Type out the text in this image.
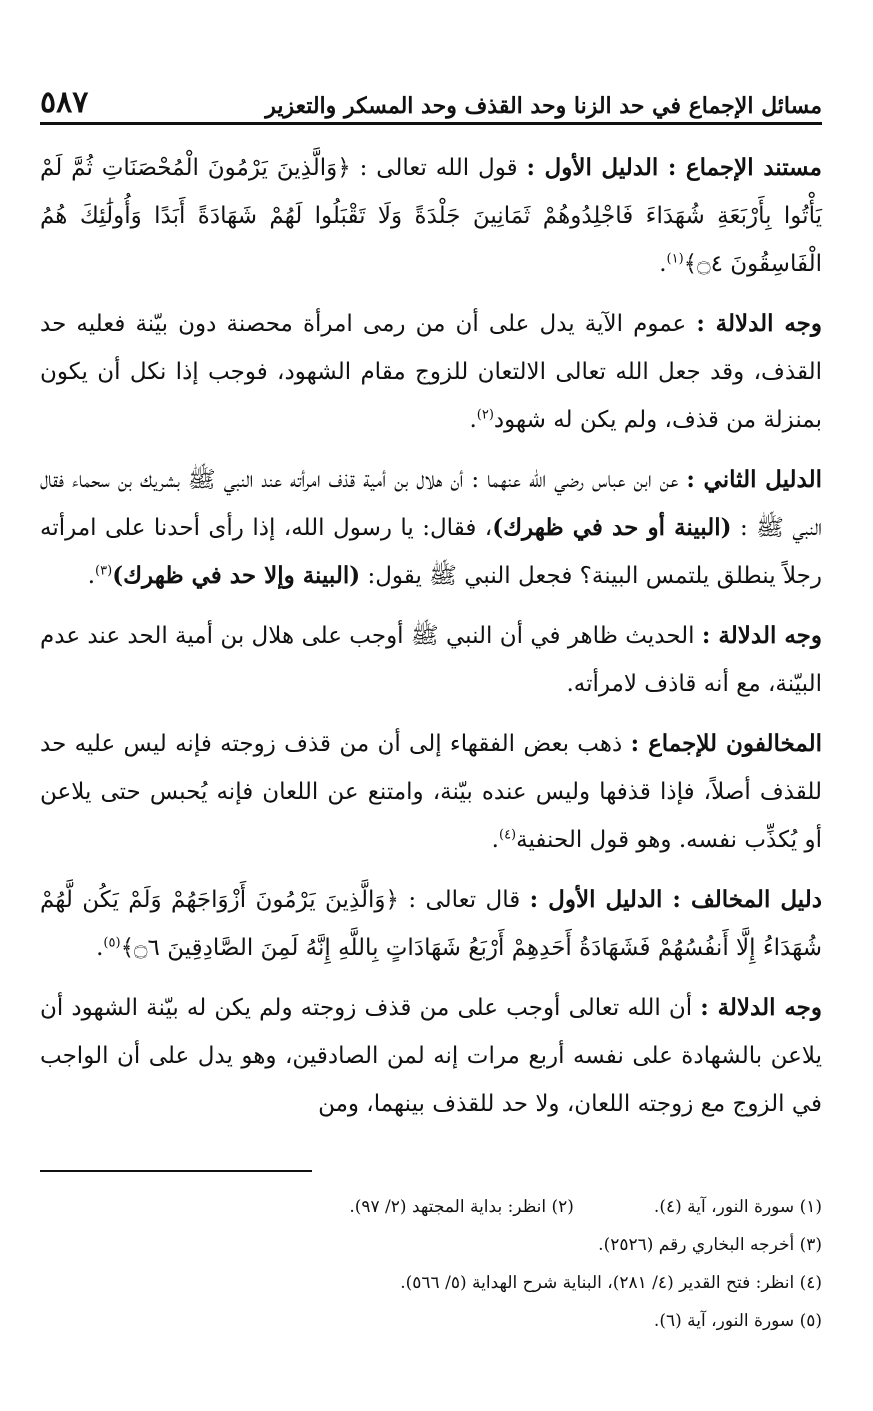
مسائل الإجماع في حد الزنا وحد القذف وحد المسكر والتعزير
٥٨٧

مستند الإجماع : الدليل الأول : قول الله تعالى : ﴿وَالَّذِينَ يَرْمُونَ الْمُحْصَنَاتِ ثُمَّ لَمْ يَأْتُوا بِأَرْبَعَةِ شُهَدَاءَ فَاجْلِدُوهُمْ ثَمَانِينَ جَلْدَةً وَلَا تَقْبَلُوا لَهُمْ شَهَادَةً أَبَدًا وَأُولَٰئِكَ هُمُ الْفَاسِقُونَ ۝٤﴾$^{(١)}$.

وجه الدلالة : عموم الآية يدل على أن من رمى امرأة محصنة دون بيّنة فعليه حد القذف، وقد جعل الله تعالى الالتعان للزوج مقام الشهود، فوجب إذا نكل أن يكون بمنزلة من قذف، ولم يكن له شهود$^{(٢)}$.

الدليل الثاني : عن ابن عباس رضي الله عنهما : أن هلال بن أمية قذف امرأته عند النبي ﷺ بشريك بن سحماء فقال النبي ﷺ : (البينة أو حد في ظهرك)، فقال: يا رسول الله، إذا رأى أحدنا على امرأته رجلاً ينطلق يلتمس البينة؟ فجعل النبي ﷺ يقول: (البينة وإلا حد في ظهرك)$^{(٣)}$.

وجه الدلالة : الحديث ظاهر في أن النبي ﷺ أوجب على هلال بن أمية الحد عند عدم البيّنة، مع أنه قاذف لامرأته.

المخالفون للإجماع : ذهب بعض الفقهاء إلى أن من قذف زوجته فإنه ليس عليه حد للقذف أصلاً، فإذا قذفها وليس عنده بيّنة، وامتنع عن اللعان فإنه يُحبس حتى يلاعن أو يُكذِّب نفسه. وهو قول الحنفية$^{(٤)}$.

دليل المخالف : الدليل الأول : قال تعالى : ﴿وَالَّذِينَ يَرْمُونَ أَزْوَاجَهُمْ وَلَمْ يَكُن لَّهُمْ شُهَدَاءُ إِلَّا أَنفُسُهُمْ فَشَهَادَةُ أَحَدِهِمْ أَرْبَعُ شَهَادَاتٍ بِاللَّهِ إِنَّهُ لَمِنَ الصَّادِقِينَ ۝٦﴾$^{(٥)}$.

وجه الدلالة : أن الله تعالى أوجب على من قذف زوجته ولم يكن له بيّنة الشهود أن يلاعن بالشهادة على نفسه أربع مرات إنه لمن الصادقين، وهو يدل على أن الواجب في الزوج مع زوجته اللعان، ولا حد للقذف بينهما، ومن

(١) سورة النور، آية (٤).
(٢) انظر: بداية المجتهد (٢/ ٩٧).
(٣) أخرجه البخاري رقم (٢٥٢٦).
(٤) انظر: فتح القدير (٤/ ٢٨١)، البناية شرح الهداية (٥/ ٥٦٦).
(٥) سورة النور، آية (٦).
